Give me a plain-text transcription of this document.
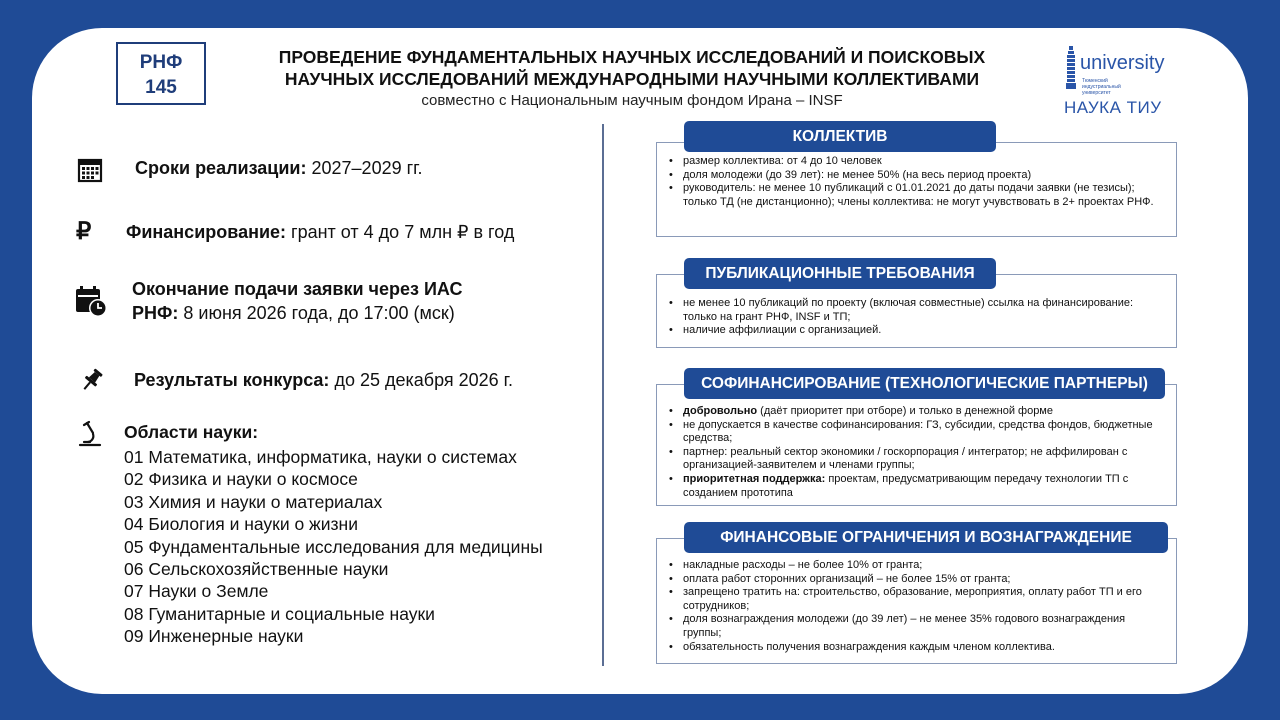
РНФ
145
ПРОВЕДЕНИЕ ФУНДАМЕНТАЛЬНЫХ НАУЧНЫХ ИССЛЕДОВАНИЙ И ПОИСКОВЫХ
НАУЧНЫХ ИССЛЕДОВАНИЙ МЕЖДУНАРОДНЫМИ НАУЧНЫМИ КОЛЛЕКТИВАМИ
совместно с Национальным научным фондом Ирана – INSF
university
Тюменский индустриальный университет
НАУКА ТИУ
Сроки реализации: 2027–2029 гг.
₽	Финансирование: грант от 4 до 7 млн ₽ в год
Окончание подачи заявки через ИАС
РНФ: 8 июня 2026 года, до 17:00 (мск)
Результаты конкурса: до 25 декабря 2026 г.
Области науки:
01 Математика, информатика, науки о системах
02 Физика и науки о космосе
03 Химия и науки о материалах
04 Биология и науки о жизни
05 Фундаментальные исследования для медицины
06 Сельскохозяйственные науки
07 Науки о Земле
08 Гуманитарные и социальные науки
09 Инженерные науки
КОЛЛЕКТИВ
• размер коллектива: от 4 до 10 человек
• доля молодежи (до 39 лет): не менее 50% (на весь период проекта)
• руководитель: не менее 10 публикаций с 01.01.2021 до даты подачи заявки (не тезисы); только ТД (не дистанционно); члены коллектива: не могут учувствовать в 2+ проектах РНФ.
ПУБЛИКАЦИОННЫЕ ТРЕБОВАНИЯ
• не менее 10 публикаций по проекту (включая совместные) ссылка на финансирование: только на грант РНФ, INSF и ТП;
• наличие аффилиации с организацией.
СОФИНАНСИРОВАНИЕ (ТЕХНОЛОГИЧЕСКИЕ ПАРТНЕРЫ)
• добровольно (даёт приоритет при отборе) и только в денежной форме
• не допускается в качестве софинансирования: ГЗ, субсидии, средства фондов, бюджетные средства;
• партнер: реальный сектор экономики / госкорпорация / интегратор; не аффилирован с организацией-заявителем и членами группы;
• приоритетная поддержка: проектам, предусматривающим передачу технологии ТП с созданием прототипа
ФИНАНСОВЫЕ ОГРАНИЧЕНИЯ И ВОЗНАГРАЖДЕНИЕ
• накладные расходы – не более 10% от гранта;
• оплата работ сторонних организаций – не более 15% от гранта;
• запрещено тратить на: строительство, образование, мероприятия, оплату работ ТП и его сотрудников;
• доля вознаграждения молодежи (до 39 лет) – не менее 35% годового вознаграждения группы;
• обязательность получения вознаграждения каждым членом коллектива.
